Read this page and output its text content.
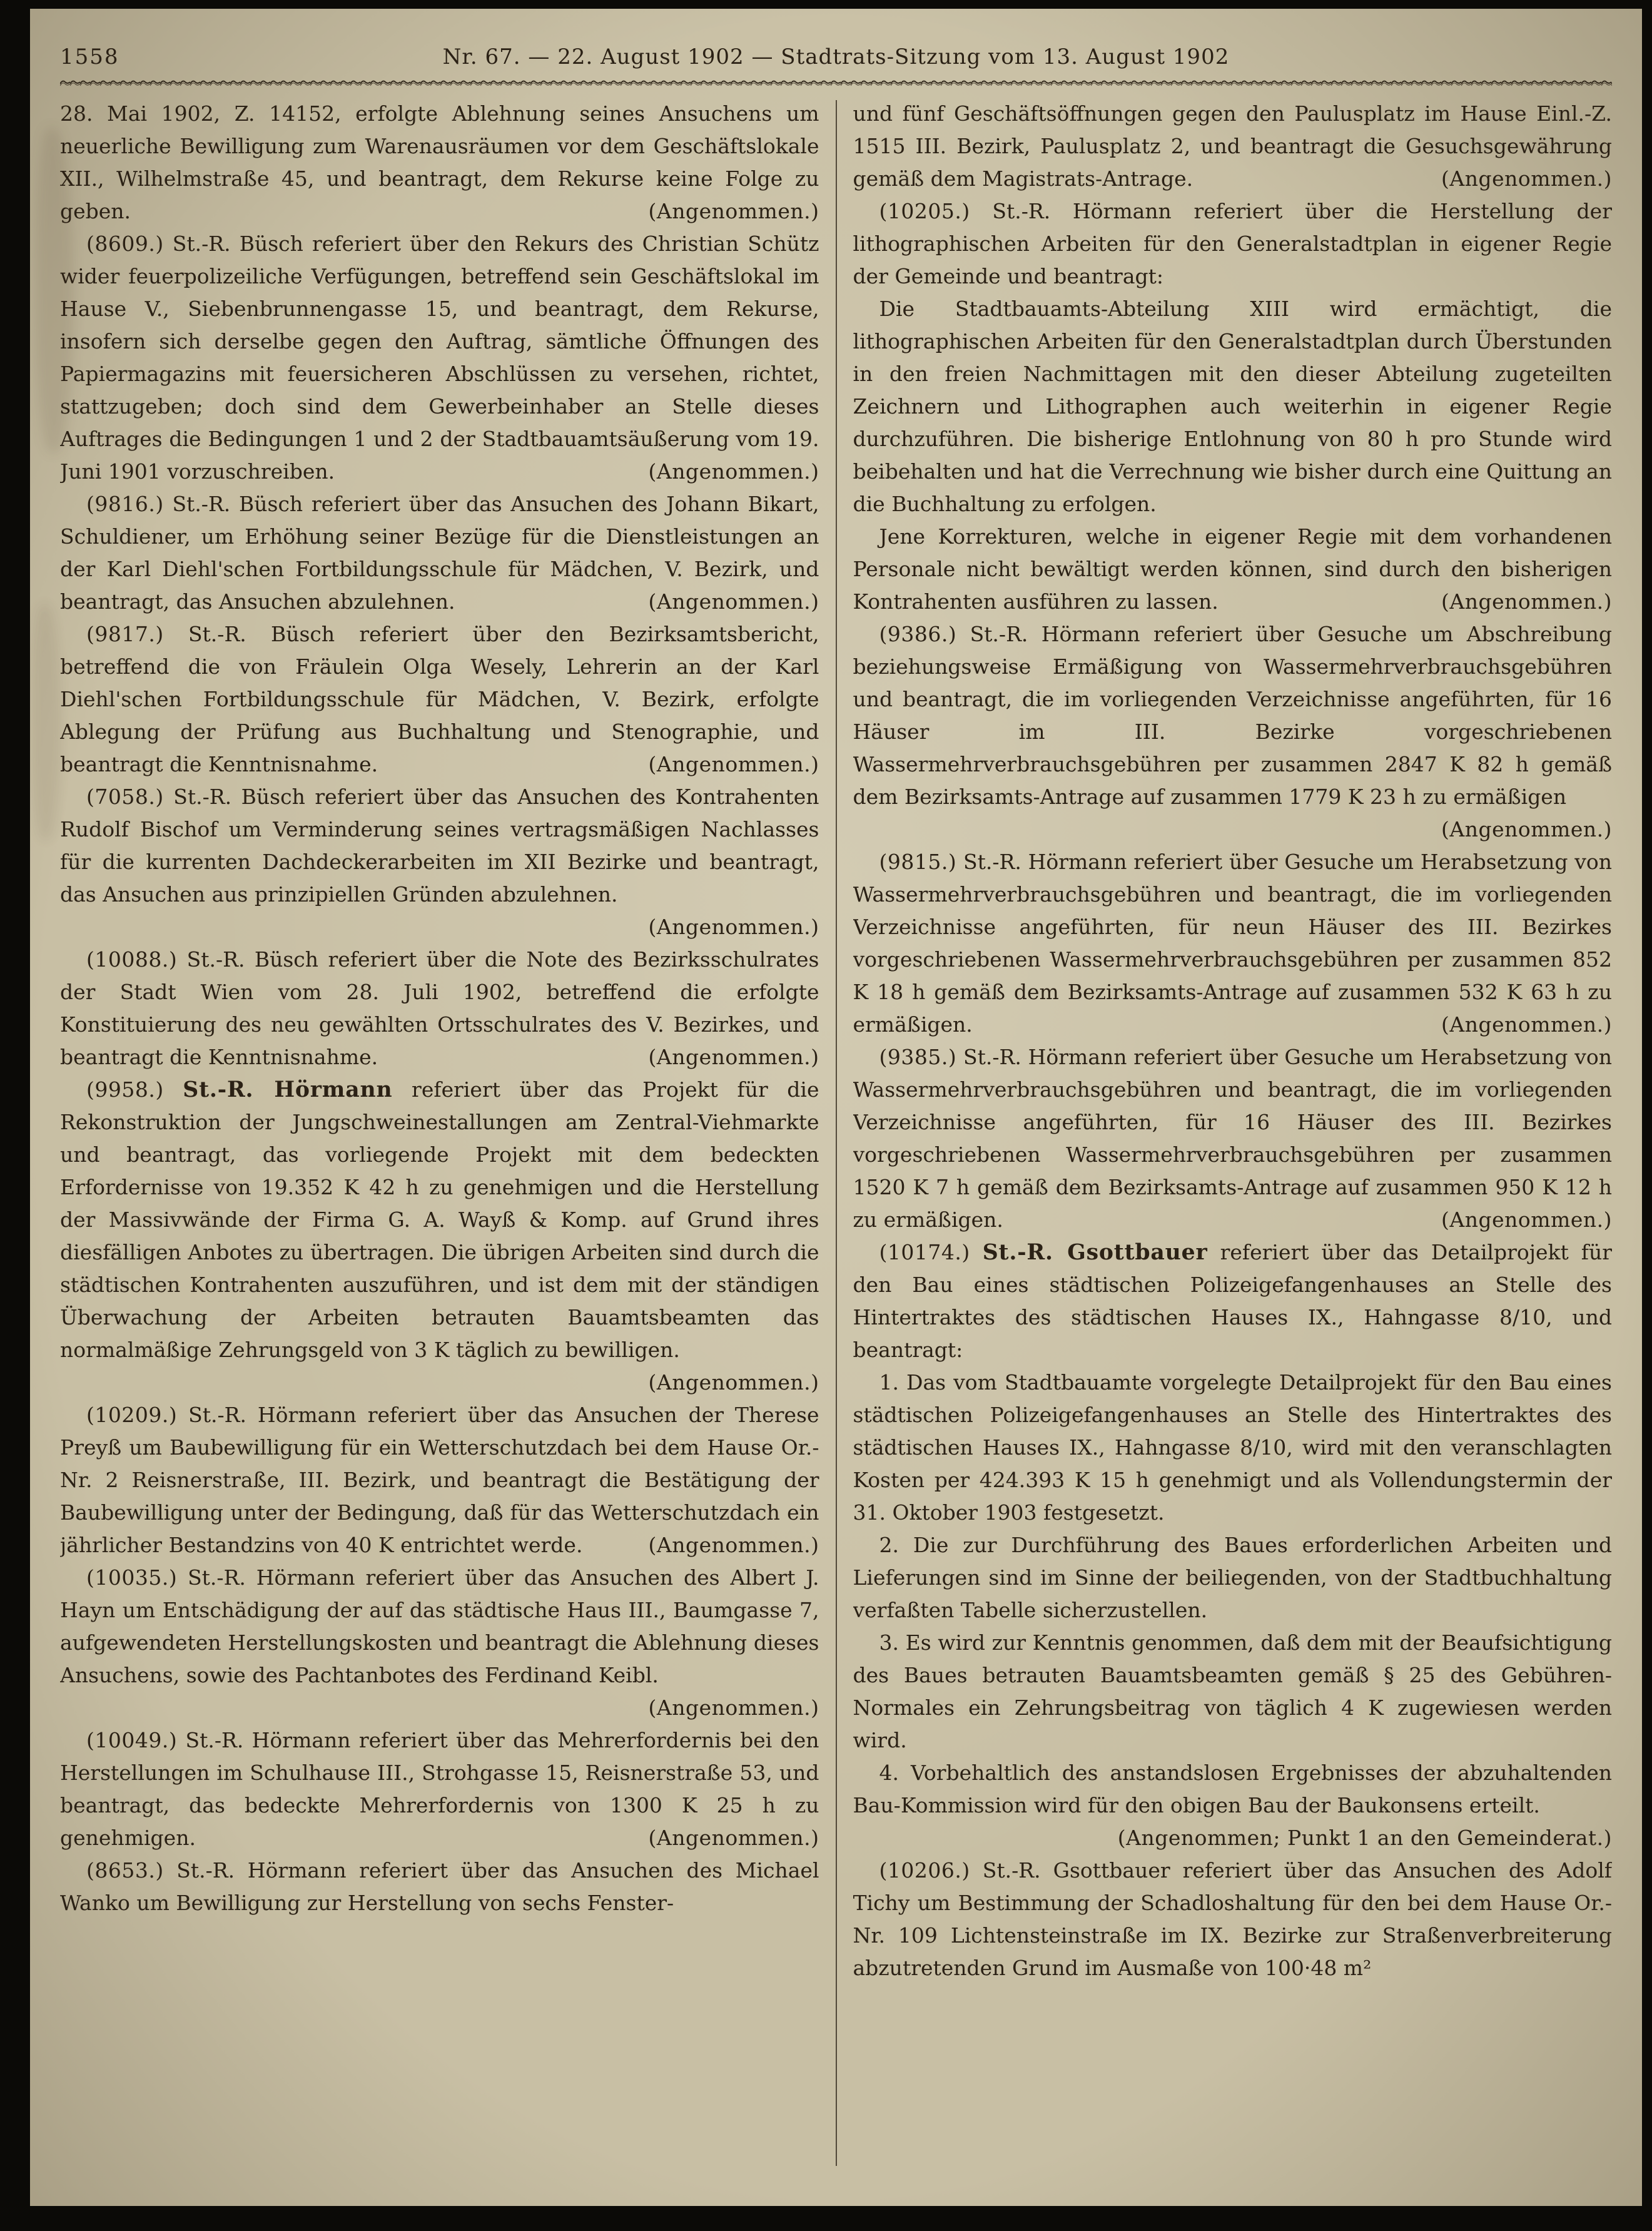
1558	Nr. 67. — 22. August 1902 — Stadtrats-Sitzung vom 13. August 1902

28. Mai 1902, Z. 14152, erfolgte Ablehnung seines Ansuchens um neuerliche Bewilligung zum Warenausräumen vor dem Geschäftslokale XII., Wilhelmstraße 45, und beantragt, dem Rekurse keine Folge zu geben.	(Angenommen.)

(8609.) St.-R. Büsch referiert über den Rekurs des Christian Schütz wider feuerpolizeiliche Verfügungen, betreffend sein Geschäftslokal im Hause V., Siebenbrunnengasse 15, und beantragt, dem Rekurse, insofern sich derselbe gegen den Auftrag, sämtliche Öffnungen des Papiermagazins mit feuersicheren Abschlüssen zu versehen, richtet, stattzugeben; doch sind dem Gewerbeinhaber an Stelle dieses Auftrages die Bedingungen 1 und 2 der Stadtbauamtsäußerung vom 19. Juni 1901 vorzuschreiben.	(Angenommen.)

(9816.) St.-R. Büsch referiert über das Ansuchen des Johann Bikart, Schuldiener, um Erhöhung seiner Bezüge für die Dienstleistungen an der Karl Diehl'schen Fortbildungsschule für Mädchen, V. Bezirk, und beantragt, das Ansuchen abzulehnen.	(Angenommen.)

(9817.) St.-R. Büsch referiert über den Bezirksamtsbericht, betreffend die von Fräulein Olga Wesely, Lehrerin an der Karl Diehl'schen Fortbildungsschule für Mädchen, V. Bezirk, erfolgte Ablegung der Prüfung aus Buchhaltung und Stenographie, und beantragt die Kenntnisnahme.	(Angenommen.)

(7058.) St.-R. Büsch referiert über das Ansuchen des Kontrahenten Rudolf Bischof um Verminderung seines vertragsmäßigen Nachlasses für die kurrenten Dachdeckerarbeiten im XII Bezirke und beantragt, das Ansuchen aus prinzipiellen Gründen abzulehnen.
(Angenommen.)

(10088.) St.-R. Büsch referiert über die Note des Bezirksschulrates der Stadt Wien vom 28. Juli 1902, betreffend die erfolgte Konstituierung des neu gewählten Ortsschulrates des V. Bezirkes, und beantragt die Kenntnisnahme.	(Angenommen.)

(9958.) St.-R. Hörmann referiert über das Projekt für die Rekonstruktion der Jungschweinestallungen am Zentral-Viehmarkte und beantragt, das vorliegende Projekt mit dem bedeckten Erfordernisse von 19.352 K 42 h zu genehmigen und die Herstellung der Massivwände der Firma G. A. Wayß & Komp. auf Grund ihres diesfälligen Anbotes zu übertragen. Die übrigen Arbeiten sind durch die städtischen Kontrahenten auszuführen, und ist dem mit der ständigen Überwachung der Arbeiten betrauten Bauamtsbeamten das normalmäßige Zehrungsgeld von 3 K täglich zu bewilligen.
(Angenommen.)

(10209.) St.-R. Hörmann referiert über das Ansuchen der Therese Preyß um Baubewilligung für ein Wetterschutzdach bei dem Hause Or.-Nr. 2 Reisnerstraße, III. Bezirk, und beantragt die Bestätigung der Baubewilligung unter der Bedingung, daß für das Wetterschutzdach ein jährlicher Bestandzins von 40 K entrichtet werde.	(Angenommen.)

(10035.) St.-R. Hörmann referiert über das Ansuchen des Albert J. Hayn um Entschädigung der auf das städtische Haus III., Baumgasse 7, aufgewendeten Herstellungskosten und beantragt die Ablehnung dieses Ansuchens, sowie des Pachtanbotes des Ferdinand Keibl.
(Angenommen.)

(10049.) St.-R. Hörmann referiert über das Mehrerfordernis bei den Herstellungen im Schulhause III., Strohgasse 15, Reisnerstraße 53, und beantragt, das bedeckte Mehrerfordernis von 1300 K 25 h zu genehmigen.	(Angenommen.)

(8653.) St.-R. Hörmann referiert über das Ansuchen des Michael Wanko um Bewilligung zur Herstellung von sechs Fenster-

und fünf Geschäftsöffnungen gegen den Paulusplatz im Hause Einl.-Z. 1515 III. Bezirk, Paulusplatz 2, und beantragt die Gesuchsgewährung gemäß dem Magistrats-Antrage.	(Angenommen.)

(10205.) St.-R. Hörmann referiert über die Herstellung der lithographischen Arbeiten für den Generalstadtplan in eigener Regie der Gemeinde und beantragt:

Die Stadtbauamts-Abteilung XIII wird ermächtigt, die lithographischen Arbeiten für den Generalstadtplan durch Überstunden in den freien Nachmittagen mit den dieser Abteilung zugeteilten Zeichnern und Lithographen auch weiterhin in eigener Regie durchzuführen. Die bisherige Entlohnung von 80 h pro Stunde wird beibehalten und hat die Verrechnung wie bisher durch eine Quittung an die Buchhaltung zu erfolgen.

Jene Korrekturen, welche in eigener Regie mit dem vorhandenen Personale nicht bewältigt werden können, sind durch den bisherigen Kontrahenten ausführen zu lassen.	(Angenommen.)

(9386.) St.-R. Hörmann referiert über Gesuche um Abschreibung beziehungsweise Ermäßigung von Wassermehrverbrauchsgebühren und beantragt, die im vorliegenden Verzeichnisse angeführten, für 16 Häuser im III. Bezirke vorgeschriebenen Wassermehrverbrauchsgebühren per zusammen 2847 K 82 h gemäß dem Bezirksamts-Antrage auf zusammen 1779 K 23 h zu ermäßigen
(Angenommen.)

(9815.) St.-R. Hörmann referiert über Gesuche um Herabsetzung von Wassermehrverbrauchsgebühren und beantragt, die im vorliegenden Verzeichnisse angeführten, für neun Häuser des III. Bezirkes vorgeschriebenen Wassermehrverbrauchsgebühren per zusammen 852 K 18 h gemäß dem Bezirksamts-Antrage auf zusammen 532 K 63 h zu ermäßigen.	(Angenommen.)

(9385.) St.-R. Hörmann referiert über Gesuche um Herabsetzung von Wassermehrverbrauchsgebühren und beantragt, die im vorliegenden Verzeichnisse angeführten, für 16 Häuser des III. Bezirkes vorgeschriebenen Wassermehrverbrauchsgebühren per zusammen 1520 K 7 h gemäß dem Bezirksamts-Antrage auf zusammen 950 K 12 h zu ermäßigen.	(Angenommen.)

(10174.) St.-R. Gsottbauer referiert über das Detailprojekt für den Bau eines städtischen Polizeigefangenhauses an Stelle des Hintertraktes des städtischen Hauses IX., Hahngasse 8/10, und beantragt:

1. Das vom Stadtbauamte vorgelegte Detailprojekt für den Bau eines städtischen Polizeigefangenhauses an Stelle des Hintertraktes des städtischen Hauses IX., Hahngasse 8/10, wird mit den veranschlagten Kosten per 424.393 K 15 h genehmigt und als Vollendungstermin der 31. Oktober 1903 festgesetzt.

2. Die zur Durchführung des Baues erforderlichen Arbeiten und Lieferungen sind im Sinne der beiliegenden, von der Stadtbuchhaltung verfaßten Tabelle sicherzustellen.

3. Es wird zur Kenntnis genommen, daß dem mit der Beaufsichtigung des Baues betrauten Bauamtsbeamten gemäß § 25 des Gebühren-Normales ein Zehrungsbeitrag von täglich 4 K zugewiesen werden wird.

4. Vorbehaltlich des anstandslosen Ergebnisses der abzuhaltenden Bau-Kommission wird für den obigen Bau der Baukonsens erteilt.
(Angenommen; Punkt 1 an den Gemeinderat.)

(10206.) St.-R. Gsottbauer referiert über das Ansuchen des Adolf Tichy um Bestimmung der Schadloshaltung für den bei dem Hause Or.-Nr. 109 Lichtensteinstraße im IX. Bezirke zur Straßenverbreiterung abzutretenden Grund im Ausmaße von 100·48 m²
